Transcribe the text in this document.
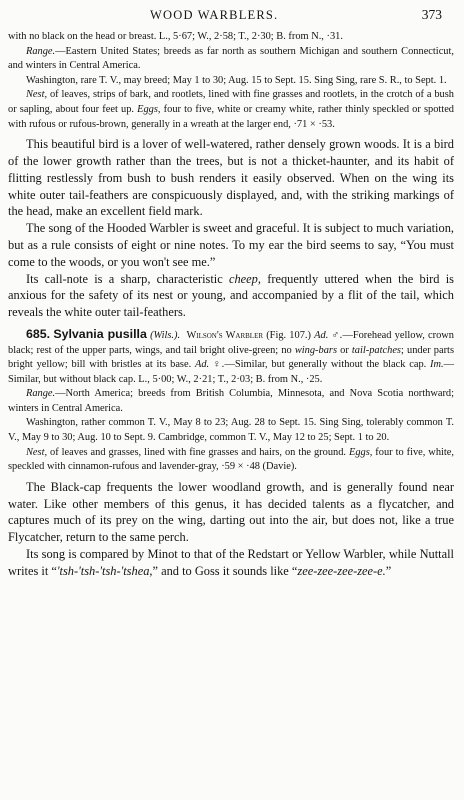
WOOD WARBLERS.	373

with no black on the head or breast. L., 5·67; W., 2·58; T., 2·30; B. from N., ·31.

Range.—Eastern United States; breeds as far north as southern Michigan and southern Connecticut, and winters in Central America.

Washington, rare T. V., may breed; May 1 to 30; Aug. 15 to Sept. 15. Sing Sing, rare S. R., to Sept. 1.

Nest, of leaves, strips of bark, and rootlets, lined with fine grasses and rootlets, in the crotch of a bush or sapling, about four feet up. Eggs, four to five, white or creamy white, rather thinly speckled or spotted with rufous or rufous-brown, generally in a wreath at the larger end, ·71 × ·53.

This beautiful bird is a lover of well-watered, rather densely grown woods. It is a bird of the lower growth rather than the trees, but is not a thicket-haunter, and its habit of flitting restlessly from bush to bush renders it easily observed. When on the wing its white outer tail-feathers are conspicuously displayed, and, with the striking markings of the head, make an excellent field mark.

The song of the Hooded Warbler is sweet and graceful. It is subject to much variation, but as a rule consists of eight or nine notes. To my ear the bird seems to say, “You must come to the woods, or you won't see me.”

Its call-note is a sharp, characteristic cheep, frequently uttered when the bird is anxious for the safety of its nest or young, and accompanied by a flit of the tail, which reveals the white outer tail-feathers.

685. Sylvania pusilla (Wils.). Wilson's Warbler (Fig. 107.) Ad. ♂.—Forehead yellow, crown black; rest of the upper parts, wings, and tail bright olive-green; no wing-bars or tail-patches; under parts bright yellow; bill with bristles at its base. Ad. ♀.—Similar, but generally without the black cap. Im.—Similar, but without black cap. L., 5·00; W., 2·21; T., 2·03; B. from N., ·25.

Range.—North America; breeds from British Columbia, Minnesota, and Nova Scotia northward; winters in Central America.

Washington, rather common T. V., May 8 to 23; Aug. 28 to Sept. 15. Sing Sing, tolerably common T. V., May 9 to 30; Aug. 10 to Sept. 9. Cambridge, common T. V., May 12 to 25; Sept. 1 to 20.

Nest, of leaves and grasses, lined with fine grasses and hairs, on the ground. Eggs, four to five, white, speckled with cinnamon-rufous and lavender-gray, ·59 × ·48 (Davie).

The Black-cap frequents the lower woodland growth, and is generally found near water. Like other members of this genus, it has decided talents as a flycatcher, and captures much of its prey on the wing, darting out into the air, but does not, like a true Flycatcher, return to the same perch.

Its song is compared by Minot to that of the Redstart or Yellow Warbler, while Nuttall writes it “'tsh-'tsh-'tsh-'tshea,” and to Goss it sounds like “zee-zee-zee-zee-e.”
